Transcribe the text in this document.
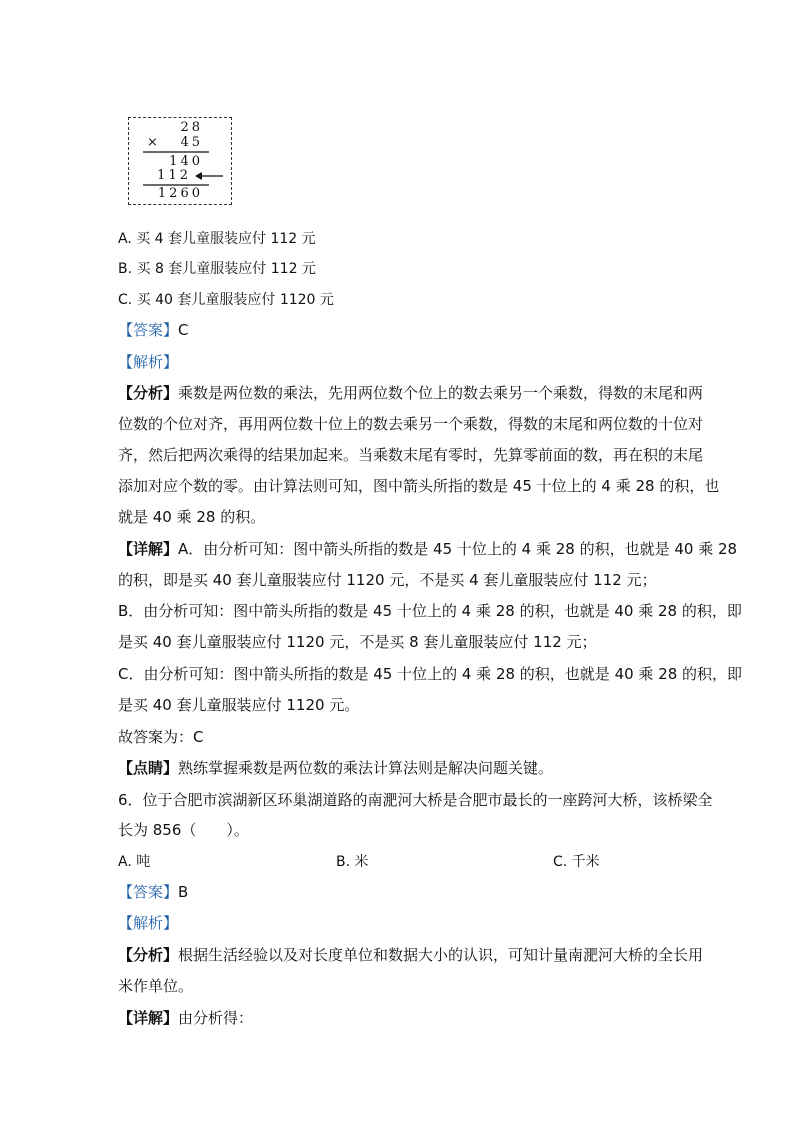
28
× 45
140
112
1260
A. 买 4 套儿童服装应付 112 元
B. 买 8 套儿童服装应付 112 元
C. 买 40 套儿童服装应付 1120 元
【答案】C
【解析】
【分析】乘数是两位数的乘法，先用两位数个位上的数去乘另一个乘数，得数的末尾和两
位数的个位对齐，再用两位数十位上的数去乘另一个乘数，得数的末尾和两位数的十位对
齐，然后把两次乘得的结果加起来。当乘数末尾有零时，先算零前面的数，再在积的末尾
添加对应个数的零。由计算法则可知，图中箭头所指的数是 45 十位上的 4 乘 28 的积，也
就是 40 乘 28 的积。
【详解】A．由分析可知：图中箭头所指的数是 45 十位上的 4 乘 28 的积，也就是 40 乘 28
的积，即是买 40 套儿童服装应付 1120 元，不是买 4 套儿童服装应付 112 元；
B．由分析可知：图中箭头所指的数是 45 十位上的 4 乘 28 的积，也就是 40 乘 28 的积，即
是买 40 套儿童服装应付 1120 元，不是买 8 套儿童服装应付 112 元；
C．由分析可知：图中箭头所指的数是 45 十位上的 4 乘 28 的积，也就是 40 乘 28 的积，即
是买 40 套儿童服装应付 1120 元。
故答案为：C
【点睛】熟练掌握乘数是两位数的乘法计算法则是解决问题关键。
6．位于合肥市滨湖新区环巢湖道路的南淝河大桥是合肥市最长的一座跨河大桥，该桥梁全
长为 856（　　）。
A. 吨	B. 米	C. 千米
【答案】B
【解析】
【分析】根据生活经验以及对长度单位和数据大小的认识，可知计量南淝河大桥的全长用
米作单位。
【详解】由分析得：
